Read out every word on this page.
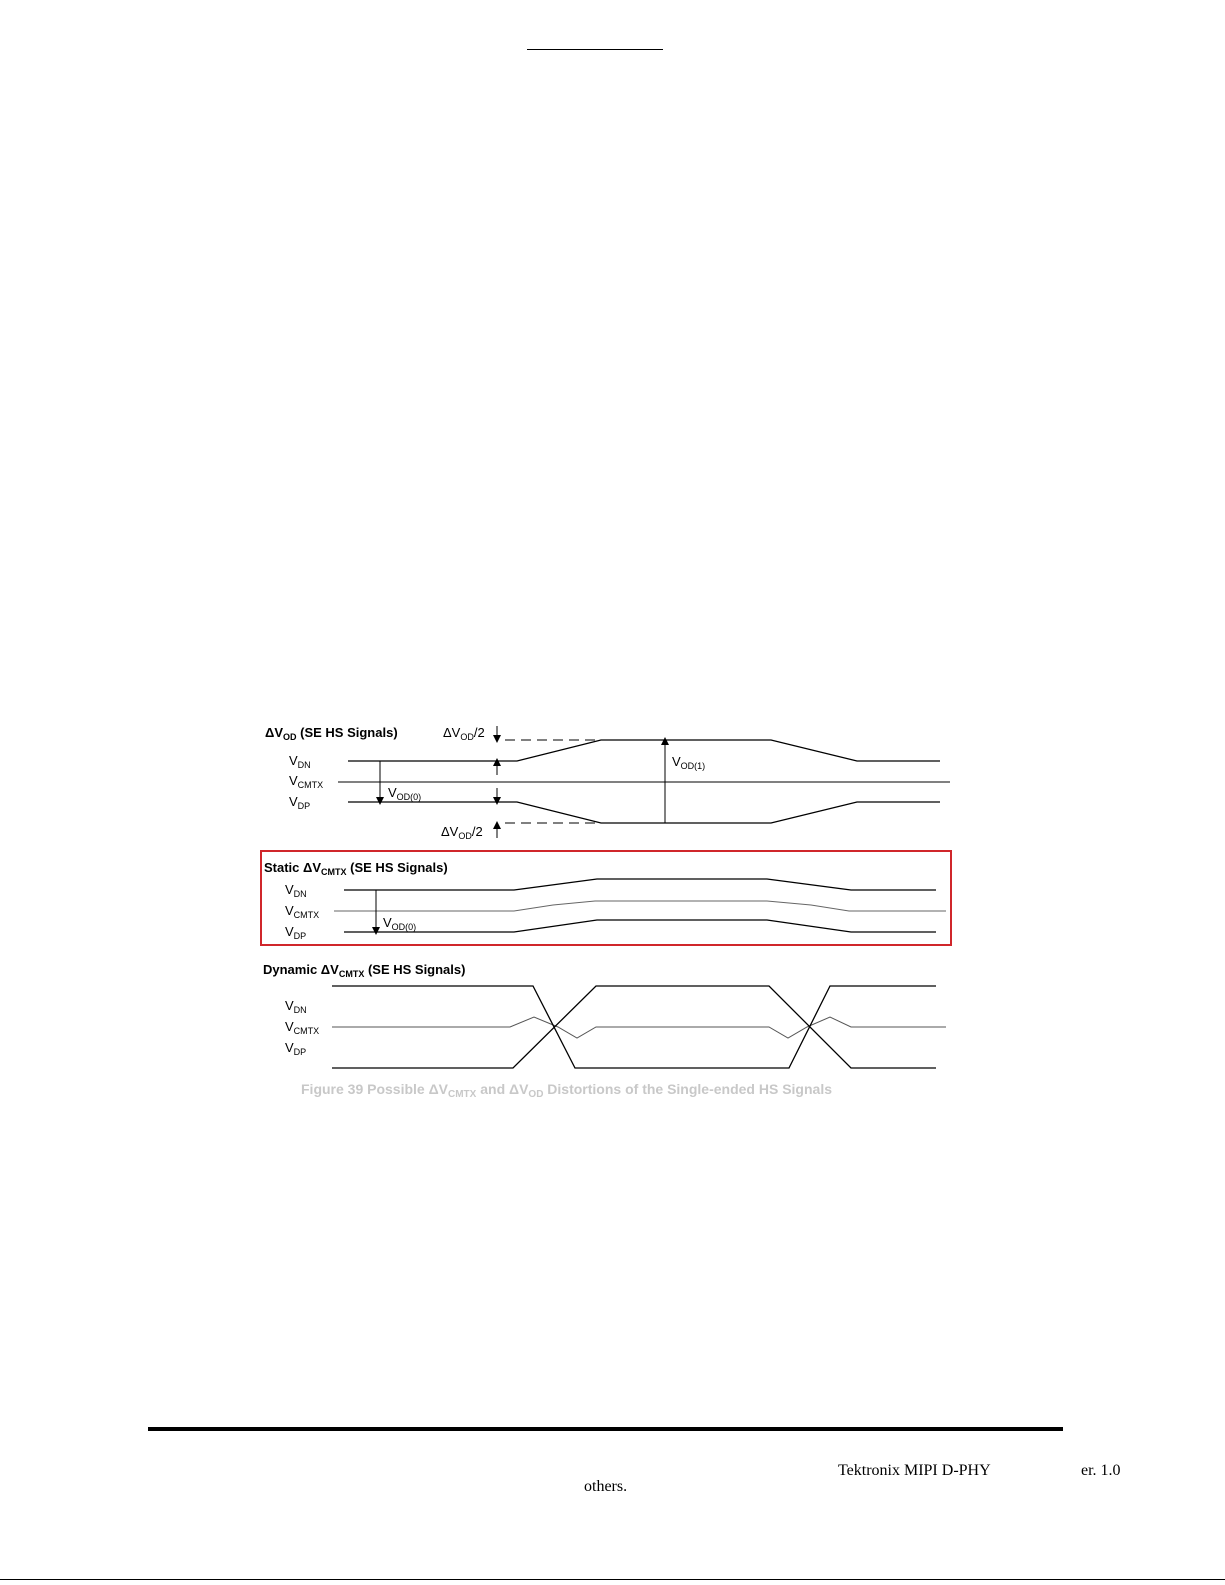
$\Delta V_{OD}$ (SE HS Signals)	$\Delta V_{OD}/2$
$\Delta V_{OD}/2$
$V_{DN}$
$V_{CMTX}$
$V_{DP}$
$V_{OD(0)}$
$V_{OD(1)}$
Static $\Delta V_{CMTX}$ (SE HS Signals)
$V_{DN}$
$V_{CMTX}$
$V_{DP}$
$V_{OD(0)}$
Dynamic $\Delta V_{CMTX}$ (SE HS Signals)
$V_{DN}$
$V_{CMTX}$
$V_{DP}$
Figure 39 Possible $\Delta V_{CMTX}$ and $\Delta V_{OD}$ Distortions of the Single-ended HS Signals
Tektronix MIPI D-PHY	er. 1.0
others.
